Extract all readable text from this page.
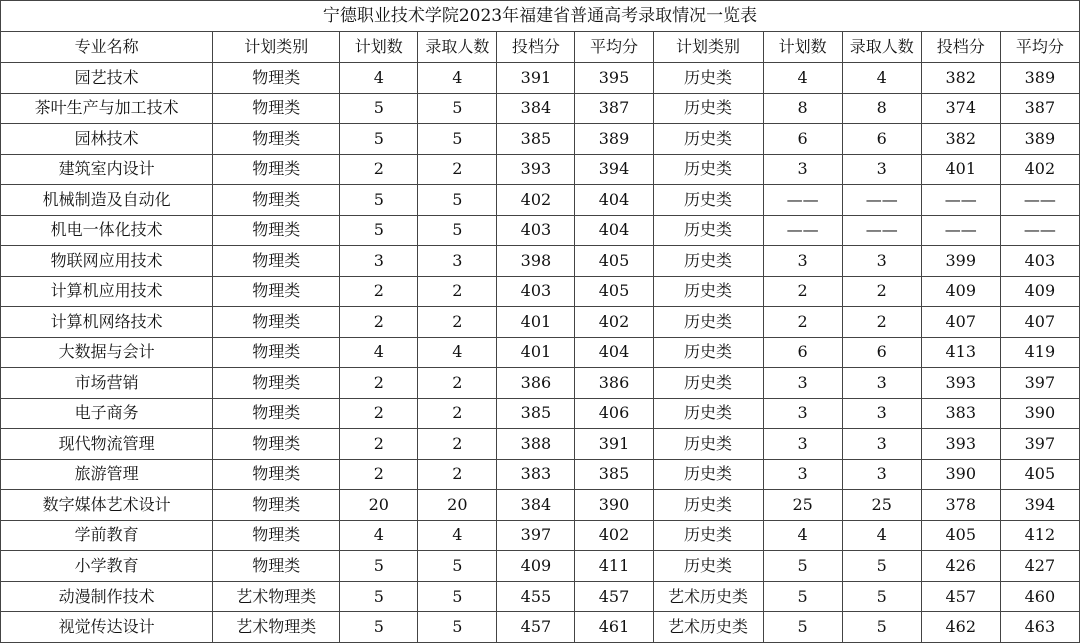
宁德职业技术学院2023年福建省普通高考录取情况一览表										
专业名称	计划类别	计划数	录取人数	投档分	平均分	计划类别	计划数	录取人数	投档分	平均分
园艺技术	物理类	4	4	391	395	历史类	4	4	382	389
茶叶生产与加工技术	物理类	5	5	384	387	历史类	8	8	374	387
园林技术	物理类	5	5	385	389	历史类	6	6	382	389
建筑室内设计	物理类	2	2	393	394	历史类	3	3	401	402
机械制造及自动化	物理类	5	5	402	404	历史类	——	——	——	——
机电一体化技术	物理类	5	5	403	404	历史类	——	——	——	——
物联网应用技术	物理类	3	3	398	405	历史类	3	3	399	403
计算机应用技术	物理类	2	2	403	405	历史类	2	2	409	409
计算机网络技术	物理类	2	2	401	402	历史类	2	2	407	407
大数据与会计	物理类	4	4	401	404	历史类	6	6	413	419
市场营销	物理类	2	2	386	386	历史类	3	3	393	397
电子商务	物理类	2	2	385	406	历史类	3	3	383	390
现代物流管理	物理类	2	2	388	391	历史类	3	3	393	397
旅游管理	物理类	2	2	383	385	历史类	3	3	390	405
数字媒体艺术设计	物理类	20	20	384	390	历史类	25	25	378	394
学前教育	物理类	4	4	397	402	历史类	4	4	405	412
小学教育	物理类	5	5	409	411	历史类	5	5	426	427
动漫制作技术	艺术物理类	5	5	455	457	艺术历史类	5	5	457	460
视觉传达设计	艺术物理类	5	5	457	461	艺术历史类	5	5	462	463
